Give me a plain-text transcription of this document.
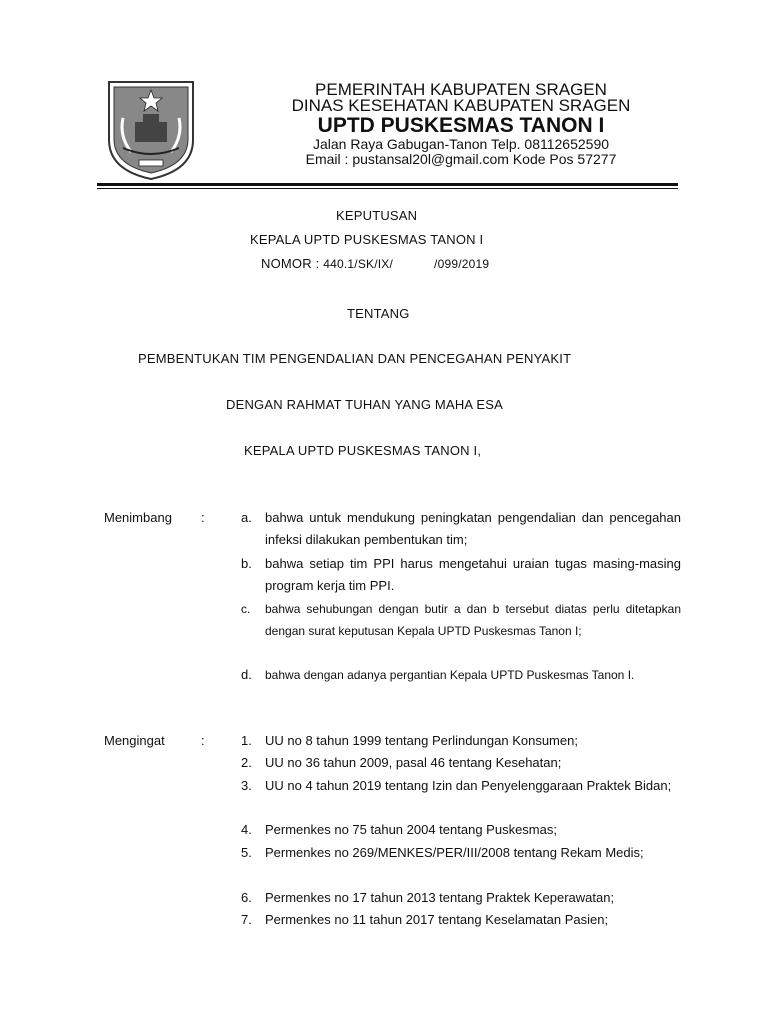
PEMERINTAH KABUPATEN SRAGEN
DINAS KESEHATAN KABUPATEN SRAGEN
UPTD PUSKESMAS TANON I
Jalan Raya Gabugan-Tanon Telp. 08112652590
Email : pustansal20l@gmail.com Kode Pos 57277
KEPUTUSAN
KEPALA UPTD PUSKESMAS TANON I
NOMOR : 440.1/SK/IX/	/099/2019
TENTANG
PEMBENTUKAN TIM PENGENDALIAN DAN PENCEGAHAN PENYAKIT
DENGAN RAHMAT TUHAN YANG MAHA ESA
KEPALA UPTD PUSKESMAS TANON I,
Menimbang :	a. bahwa untuk mendukung peningkatan pengendalian dan pencegahan infeksi dilakukan pembentukan tim;
b. bahwa setiap tim PPI harus mengetahui uraian tugas masing-masing program kerja tim PPI.
c. bahwa sehubungan dengan butir a dan b tersebut diatas perlu ditetapkan dengan surat keputusan Kepala UPTD Puskesmas Tanon I;
d. bahwa dengan adanya pergantian Kepala UPTD Puskesmas Tanon I.
Mengingat	:	1. UU no 8 tahun 1999 tentang Perlindungan Konsumen;
2. UU no 36 tahun 2009, pasal 46 tentang Kesehatan;
3. UU no 4 tahun 2019 tentang Izin dan Penyelenggaraan Praktek Bidan;
4. Permenkes no 75 tahun 2004 tentang Puskesmas;
5. Permenkes no 269/MENKES/PER/III/2008 tentang Rekam Medis;
6. Permenkes no 17 tahun 2013 tentang Praktek Keperawatan;
7. Permenkes no 11 tahun 2017 tentang Keselamatan Pasien;
